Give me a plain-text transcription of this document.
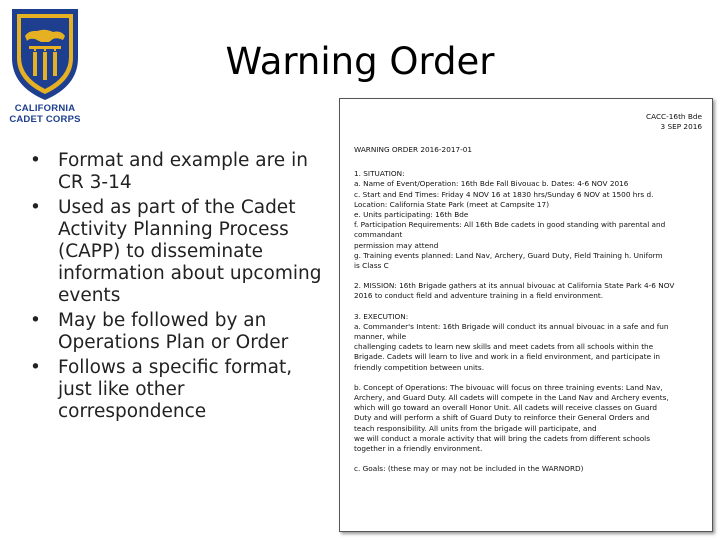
CALIFORNIA
CADET CORPS
Warning Order
• Format and example are in CR 3-14
• Used as part of the Cadet Activity Planning Process (CAPP) to disseminate information about upcoming events
• May be followed by an Operations Plan or Order
• Follows a specific format, just like other correspondence

CACC-16th Bde

3 SEP 2016

WARNING ORDER 2016-2017-01

1. SITUATION:

a. Name of Event/Operation: 16th Bde Fall Bivouac b. Dates: 4-6 NOV 2016

c. Start and End Times: Friday 4 NOV 16 at 1830 hrs/Sunday 6 NOV at 1500 hrs d.

Location: California State Park (meet at Campsite 17)

e. Units participating: 16th Bde

f. Participation Requirements: All 16th Bde cadets in good standing with parental and

commandant

permission may attend

g. Training events planned: Land Nav, Archery, Guard Duty, Field Training h. Uniform

is Class C

2. MISSION: 16th Brigade gathers at its annual bivouac at California State Park 4-6 NOV

2016 to conduct field and adventure training in a field environment.

3. EXECUTION:

a. Commander's Intent: 16th Brigade will conduct its annual bivouac in a safe and fun

manner, while

challenging cadets to learn new skills and meet cadets from all schools within the

Brigade. Cadets will learn to live and work in a field environment, and participate in

friendly competition between units.

b. Concept of Operations: The bivouac will focus on three training events: Land Nav,

Archery, and Guard Duty. All cadets will compete in the Land Nav and Archery events,

which will go toward an overall Honor Unit. All cadets will receive classes on Guard

Duty and will perform a shift of Guard Duty to reinforce their General Orders and

teach responsibility. All units from the brigade will participate, and

we will conduct a morale activity that will bring the cadets from different schools

together in a friendly environment.

c. Goals: (these may or may not be included in the WARNORD)
